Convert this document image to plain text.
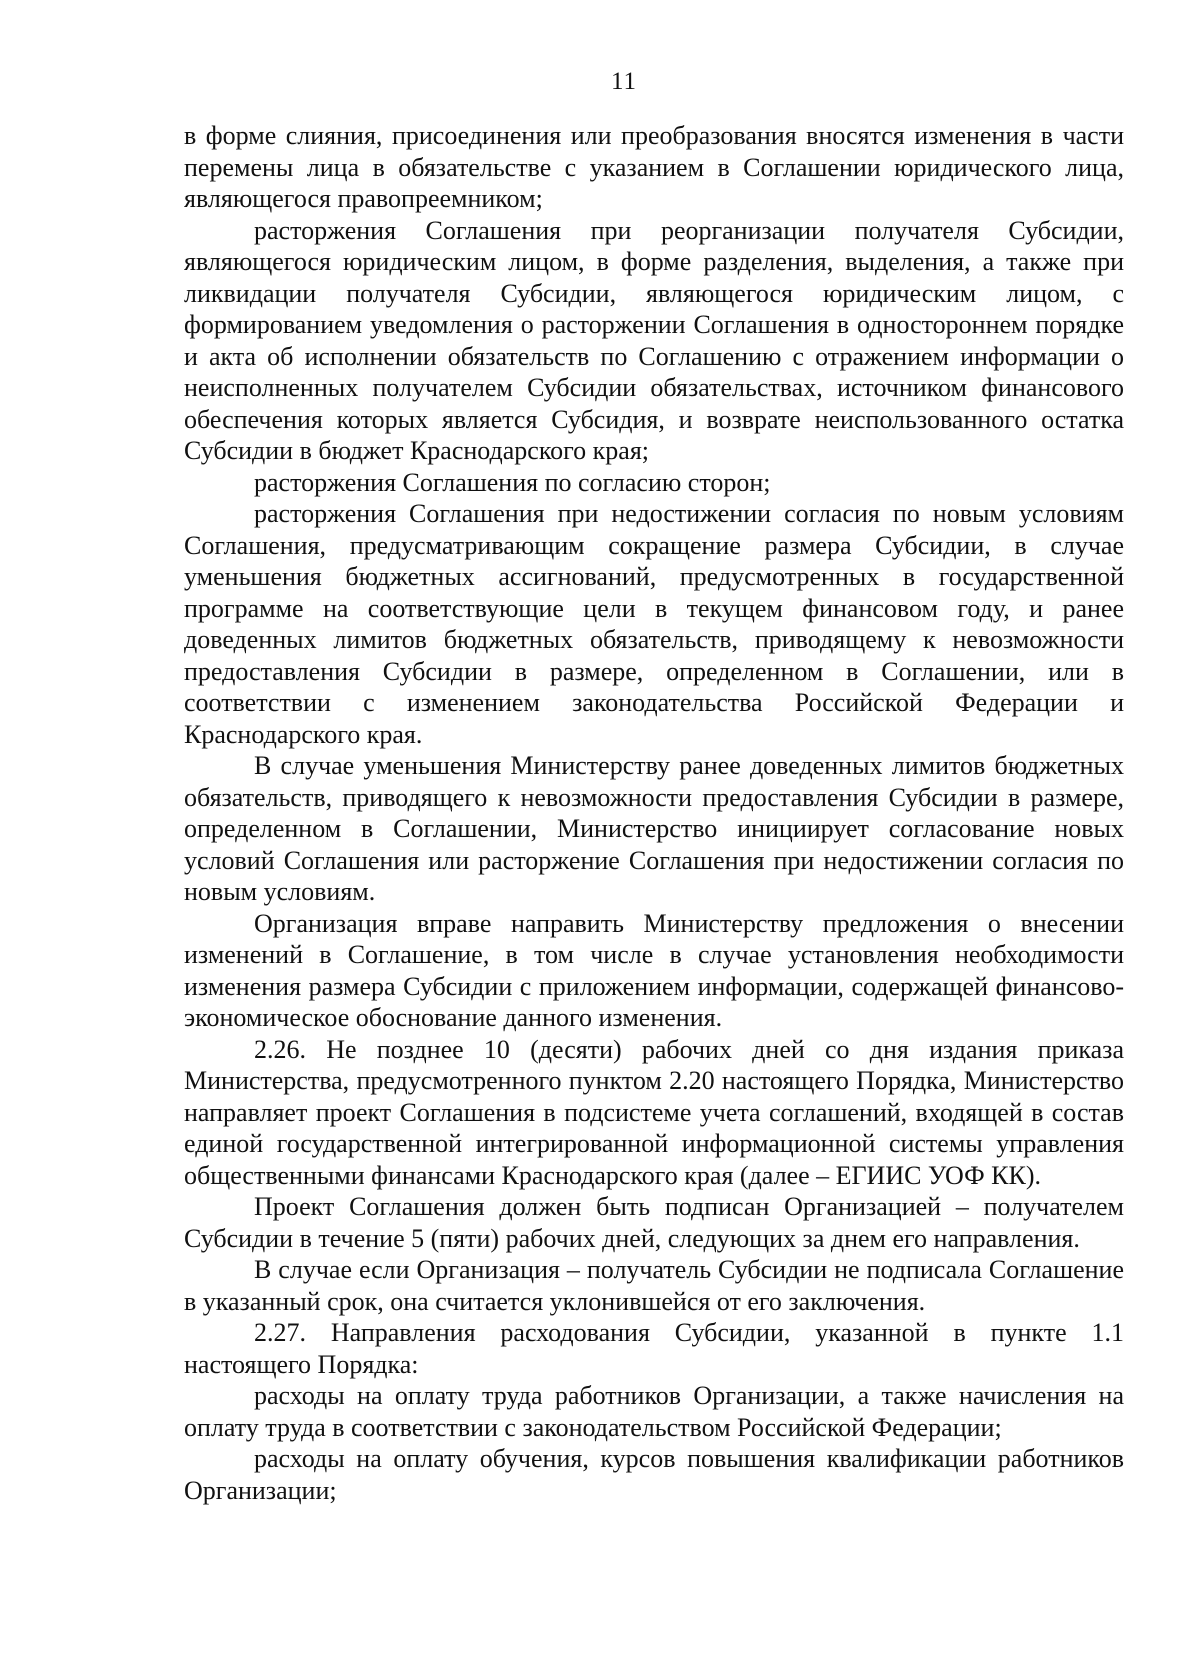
11

в форме слияния, присоединения или преобразования вносятся изменения в части перемены лица в обязательстве с указанием в Соглашении юридического лица, являющегося правопреемником;

расторжения Соглашения при реорганизации получателя Субсидии, являющегося юридическим лицом, в форме разделения, выделения, а также при ликвидации получателя Субсидии, являющегося юридическим лицом, с формированием уведомления о расторжении Соглашения в одностороннем порядке и акта об исполнении обязательств по Соглашению с отражением информации о неисполненных получателем Субсидии обязательствах, источником финансового обеспечения которых является Субсидия, и возврате неиспользованного остатка Субсидии в бюджет Краснодарского края;

расторжения Соглашения по согласию сторон;

расторжения Соглашения при недостижении согласия по новым условиям Соглашения, предусматривающим сокращение размера Субсидии, в случае уменьшения бюджетных ассигнований, предусмотренных в государственной программе на соответствующие цели в текущем финансовом году, и ранее доведенных лимитов бюджетных обязательств, приводящему к невозможности предоставления Субсидии в размере, определенном в Соглашении, или в соответствии с изменением законодательства Российской Федерации и Краснодарского края.

В случае уменьшения Министерству ранее доведенных лимитов бюджетных обязательств, приводящего к невозможности предоставления Субсидии в размере, определенном в Соглашении, Министерство инициирует согласование новых условий Соглашения или расторжение Соглашения при недостижении согласия по новым условиям.

Организация вправе направить Министерству предложения о внесении изменений в Соглашение, в том числе в случае установления необходимости изменения размера Субсидии с приложением информации, содержащей финансово-экономическое обоснование данного изменения.

2.26. Не позднее 10 (десяти) рабочих дней со дня издания приказа Министерства, предусмотренного пунктом 2.20 настоящего Порядка, Министерство направляет проект Соглашения в подсистеме учета соглашений, входящей в состав единой государственной интегрированной информационной системы управления общественными финансами Краснодарского края (далее – ЕГИИС УОФ КК).

Проект Соглашения должен быть подписан Организацией – получателем Субсидии в течение 5 (пяти) рабочих дней, следующих за днем его направления.

В случае если Организация – получатель Субсидии не подписала Соглашение в указанный срок, она считается уклонившейся от его заключения.

2.27. Направления расходования Субсидии, указанной в пункте 1.1 настоящего Порядка:

расходы на оплату труда работников Организации, а также начисления на оплату труда в соответствии с законодательством Российской Федерации;

расходы на оплату обучения, курсов повышения квалификации работников Организации;
